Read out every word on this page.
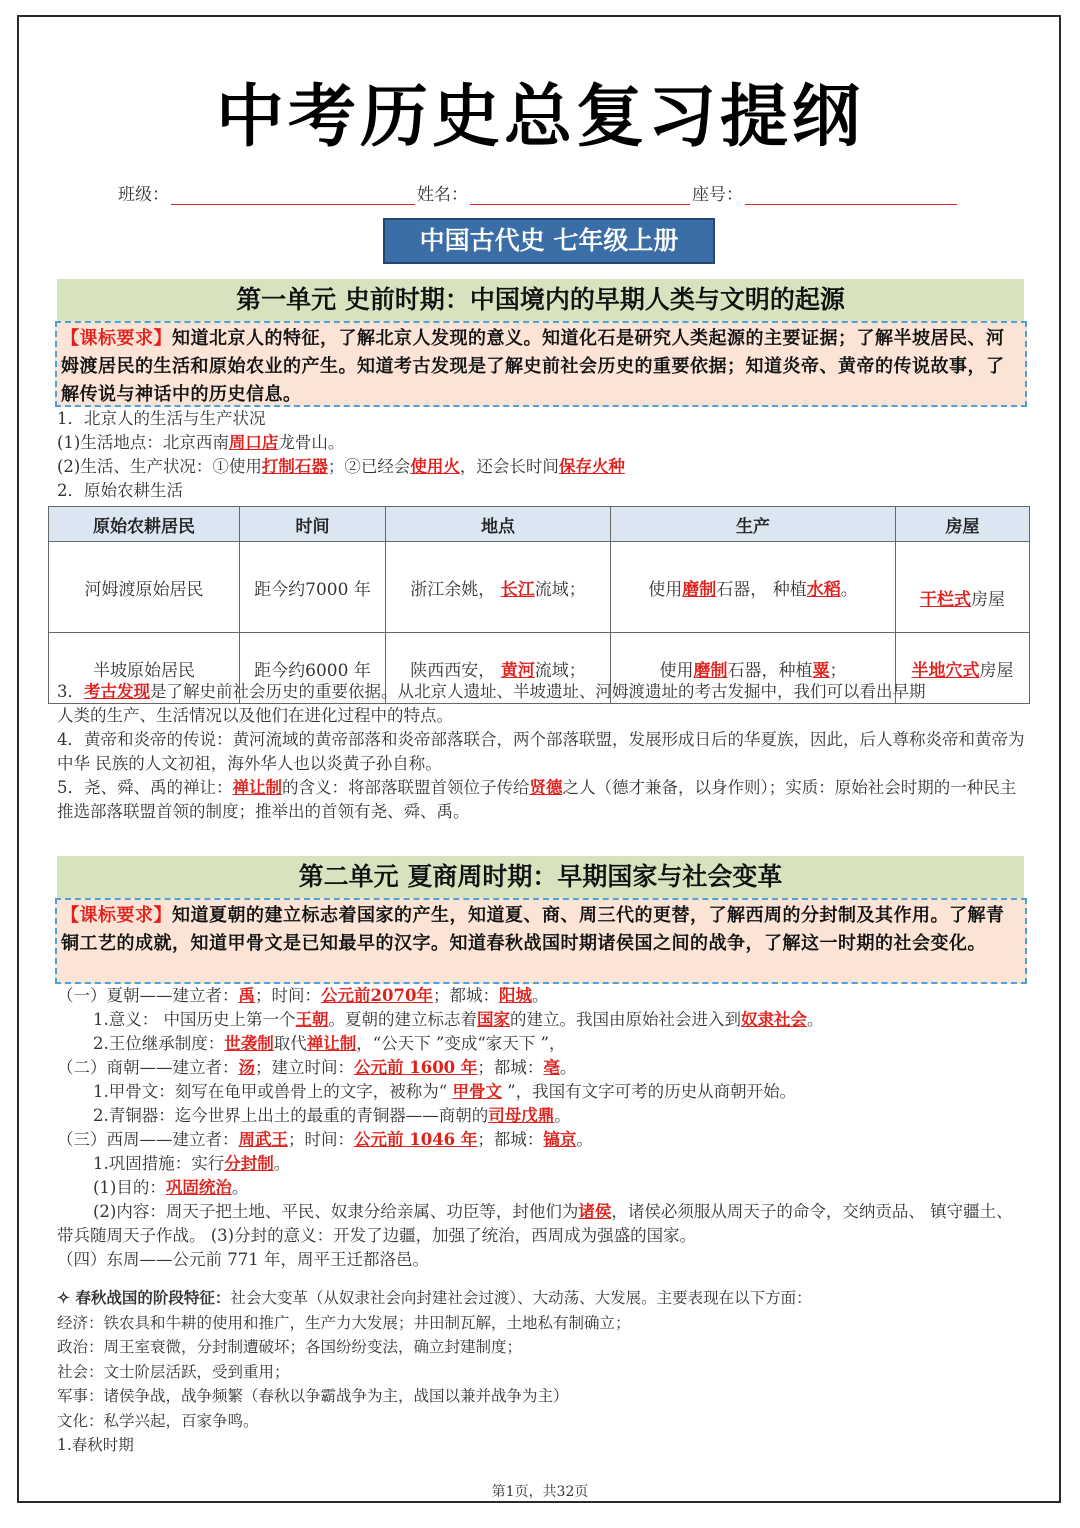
中考历史总复习提纲
班级：	姓名：	座号：
中国古代史 七年级上册
第一单元 史前时期：中国境内的早期人类与文明的起源
【课标要求】知道北京人的特征，了解北京人发现的意义。知道化石是研究人类起源的主要证据；了解半坡居民、河姆渡居民的生活和原始农业的产生。知道考古发现是了解史前社会历史的重要依据；知道炎帝、黄帝的传说故事，了解传说与神话中的历史信息。
1．北京人的生活与生产状况
(1)生活地点：北京西南周口店龙骨山。
(2)生活、生产状况：①使用打制石器；②已经会使用火，还会长时间保存火种
2．原始农耕生活
原始农耕居民	时间	地点	生产	房屋
河姆渡原始居民	距今约7000 年	浙江余姚， 长江流域；	使用磨制石器， 种植水稻。	干栏式房屋
半坡原始居民	距今约6000 年	陕西西安， 黄河流域；	使用磨制石器，种植粟；	半地穴式房屋
3．考古发现是了解史前社会历史的重要依据。从北京人遗址、半坡遗址、河姆渡遗址的考古发掘中，我们可以看出早期
人类的生产、生活情况以及他们在进化过程中的特点。
4．黄帝和炎帝的传说：黄河流域的黄帝部落和炎帝部落联合，两个部落联盟，发展形成日后的华夏族，因此，后人尊称炎帝和黄帝为中华 民族的人文初祖，海外华人也以炎黄子孙自称。
5．尧、舜、禹的禅让：禅让制的含义：将部落联盟首领位子传给贤德之人（德才兼备，以身作则）；实质：原始社会时期的一种民主推选部落联盟首领的制度；推举出的首领有尧、舜、禹。
第二单元 夏商周时期：早期国家与社会变革
【课标要求】知道夏朝的建立标志着国家的产生，知道夏、商、周三代的更替，了解西周的分封制及其作用。了解青铜工艺的成就，知道甲骨文是已知最早的汉字。知道春秋战国时期诸侯国之间的战争，了解这一时期的社会变化。
（一）夏朝——建立者：禹；时间：公元前2070年；都城：阳城。
1.意义： 中国历史上第一个王朝。夏朝的建立标志着国家的建立。我国由原始社会进入到奴隶社会。
2.王位继承制度：世袭制取代禅让制，“公天下 ”变成“家天下 ”，
（二）商朝——建立者：汤；建立时间：公元前 1600 年；都城：亳。
1.甲骨文：刻写在龟甲或兽骨上的文字，被称为“ 甲骨文 ”，我国有文字可考的历史从商朝开始。
2.青铜器：迄今世界上出土的最重的青铜器——商朝的司母戊鼎。
（三）西周——建立者：周武王；时间：公元前 1046 年；都城：镐京。
1.巩固措施：实行分封制。
(1)目的：巩固统治。
(2)内容：周天子把土地、平民、奴隶分给亲属、功臣等，封他们为诸侯，诸侯必须服从周天子的命令，交纳贡品、 镇守疆土、带兵随周天子作战。 (3)分封的意义：开发了边疆，加强了统治，西周成为强盛的国家。
（四）东周——公元前 771 年，周平王迁都洛邑。
✧ 春秋战国的阶段特征：社会大变革（从奴隶社会向封建社会过渡）、大动荡、大发展。主要表现在以下方面：
经济：铁农具和牛耕的使用和推广，生产力大发展；井田制瓦解，土地私有制确立；
政治：周王室衰微，分封制遭破坏；各国纷纷变法，确立封建制度；
社会：文士阶层活跃，受到重用；
军事：诸侯争战，战争频繁（春秋以争霸战争为主，战国以兼并战争为主）
文化：私学兴起，百家争鸣。
1.春秋时期
第1页，共32页
